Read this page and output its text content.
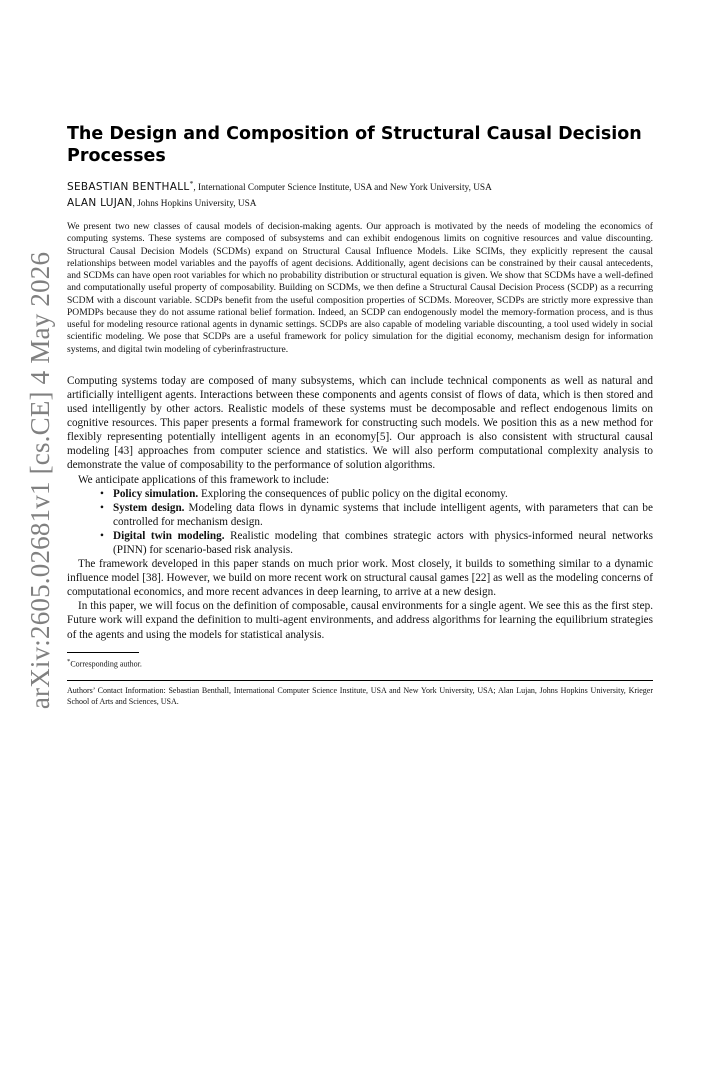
arXiv:2605.02681v1 [cs.CE] 4 May 2026
The Design and Composition of Structural Causal Decision Processes
SEBASTIAN BENTHALL*, International Computer Science Institute, USA and New York University, USA
ALAN LUJAN, Johns Hopkins University, USA

We present two new classes of causal models of decision-making agents. Our approach is motivated by the needs of modeling the economics of computing systems. These systems are composed of subsystems and can exhibit endogenous limits on cognitive resources and value discounting. Structural Causal Decision Models (SCDMs) expand on Structural Causal Influence Models. Like SCIMs, they explicitly represent the causal relationships between model variables and the payoffs of agent decisions. Additionally, agent decisions can be constrained by their causal antecedents, and SCDMs can have open root variables for which no probability distribution or structural equation is given. We show that SCDMs have a well-defined and computationally useful property of composability. Building on SCDMs, we then define a Structural Causal Decision Process (SCDP) as a recurring SCDM with a discount variable. SCDPs benefit from the useful composition properties of SCDMs. Moreover, SCDPs are strictly more expressive than POMDPs because they do not assume rational belief formation. Indeed, an SCDP can endogenously model the memory-formation process, and is thus useful for modeling resource rational agents in dynamic settings. SCDPs are also capable of modeling variable discounting, a tool used widely in social scientific modeling. We pose that SCDPs are a useful framework for policy simulation for the digitial economy, mechanism design for information systems, and digital twin modeling of cyberinfrastructure.

Computing systems today are composed of many subsystems, which can include technical components as well as natural and artificially intelligent agents. Interactions between these components and agents consist of flows of data, which is then stored and used intelligently by other actors. Realistic models of these systems must be decomposable and reflect endogenous limits on cognitive resources. This paper presents a formal framework for constructing such models. We position this as a new method for flexibly representing potentially intelligent agents in an economy[5]. Our approach is also consistent with structural causal modeling [43] approaches from computer science and statistics. We will also perform computational complexity analysis to demonstrate the value of composability to the performance of solution algorithms.

We anticipate applications of this framework to include:

• Policy simulation. Exploring the consequences of public policy on the digital economy.
• System design. Modeling data flows in dynamic systems that include intelligent agents, with parameters that can be controlled for mechanism design.
• Digital twin modeling. Realistic modeling that combines strategic actors with physics-informed neural networks (PINN) for scenario-based risk analysis.

The framework developed in this paper stands on much prior work. Most closely, it builds to something similar to a dynamic influence model [38]. However, we build on more recent work on structural causal games [22] as well as the modeling concerns of computational economics, and more recent advances in deep learning, to arrive at a new design.

In this paper, we will focus on the definition of composable, causal environments for a single agent. We see this as the first step. Future work will expand the definition to multi-agent environments, and address algorithms for learning the equilibrium strategies of the agents and using the models for statistical analysis.

*Corresponding author.
Authors’ Contact Information: Sebastian Benthall, International Computer Science Institute, USA and New York University, USA; Alan Lujan, Johns Hopkins University, Krieger School of Arts and Sciences, USA.
